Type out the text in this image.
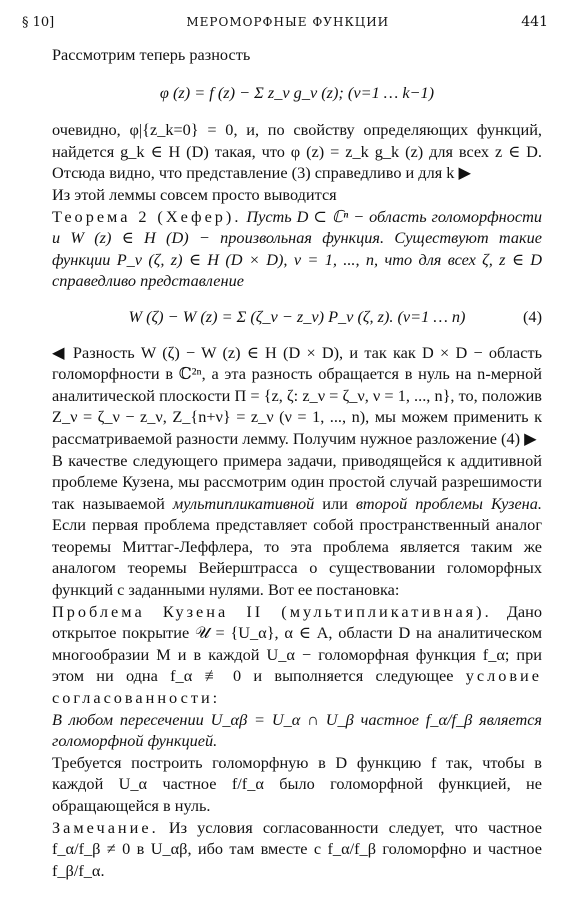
§ 10]	МЕРОМОРФНЫЕ ФУНКЦИИ	441

Рассмотрим теперь разность

φ (z) = f (z) − Σ z_ν g_ν (z); (ν=1 … k−1)

очевидно, φ|{z_k=0} = 0, и, по свойству определяющих функций, найдется g_k ∈ H (D) такая, что φ (z) = z_k g_k (z) для всех z ∈ D. Отсюда видно, что представление (3) справедливо и для k ▶

Из этой леммы совсем просто выводится

Теорема 2 (Хефер). Пусть D ⊂ ℂⁿ − область голоморфности и W (z) ∈ H (D) − произвольная функция. Существуют такие функции P_ν (ζ, z) ∈ H (D × D), ν = 1, ..., n, что для всех ζ, z ∈ D справедливо представление

W (ζ) − W (z) = Σ (ζ_ν − z_ν) P_ν (ζ, z). (ν=1 … n)	(4)

◀ Разность W (ζ) − W (z) ∈ H (D × D), и так как D × D − область голоморфности в ℂ²ⁿ, а эта разность обращается в нуль на n-мерной аналитической плоскости Π = {z, ζ: z_ν = ζ_ν, ν = 1, ..., n}, то, положив Z_ν = ζ_ν − z_ν, Z_{n+ν} = z_ν (ν = 1, ..., n), мы можем применить к рассматриваемой разности лемму. Получим нужное разложение (4) ▶

В качестве следующего примера задачи, приводящейся к аддитивной проблеме Кузена, мы рассмотрим один простой случай разрешимости так называемой мультипликативной или второй проблемы Кузена. Если первая проблема представляет собой пространственный аналог теоремы Миттаг-Леффлера, то эта проблема является таким же аналогом теоремы Вейерштрасса о существовании голоморфных функций с заданными нулями. Вот ее постановка:

Проблема Кузена II (мультипликативная). Дано открытое покрытие 𝒰 = {U_α}, α ∈ A, области D на аналитическом многообразии M и в каждой U_α − голоморфная функция f_α; при этом ни одна f_α ≢ 0 и выполняется следующее условие согласованности:

В любом пересечении U_αβ = U_α ∩ U_β частное f_α/f_β является голоморфной функцией.

Требуется построить голоморфную в D функцию f так, чтобы в каждой U_α частное f/f_α было голоморфной функцией, не обращающейся в нуль.

Замечание. Из условия согласованности следует, что частное f_α/f_β ≠ 0 в U_αβ, ибо там вместе с f_α/f_β голоморфно и частное f_β/f_α.
